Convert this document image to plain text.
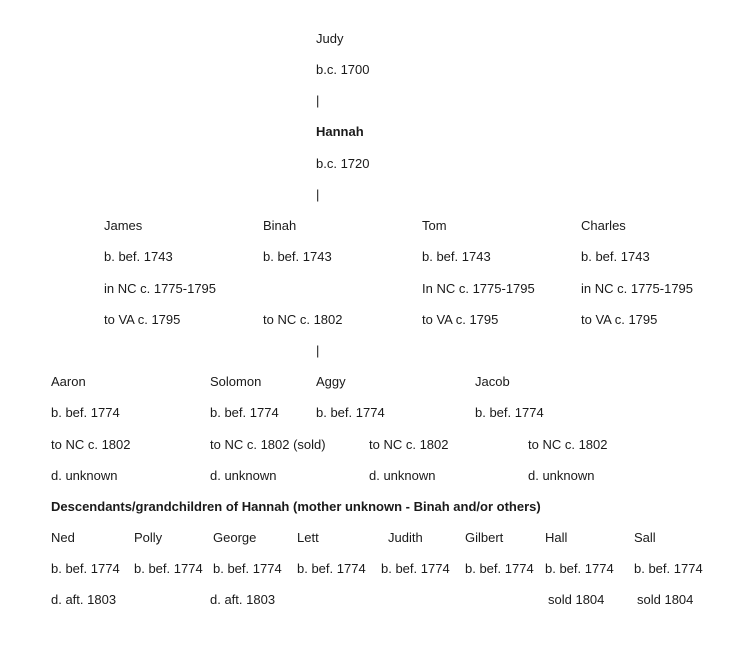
Judy
b.c. 1700
|
Hannah
b.c. 1720
|
James
b. bef. 1743
in NC c. 1775-1795
to VA c. 1795
Binah
b. bef. 1743
to NC c. 1802
Tom
b. bef. 1743
In NC c. 1775-1795
to VA c. 1795
Charles
b. bef. 1743
in NC c. 1775-1795
to VA c. 1795
|
Aaron
b. bef. 1774
to NC c. 1802
d. unknown
Solomon
b. bef. 1774
to NC c. 1802 (sold)
d. unknown
Aggy
b. bef. 1774
to NC c. 1802
d. unknown
Jacob
b. bef. 1774
to NC c. 1802
d. unknown
Descendants/grandchildren of Hannah (mother unknown - Binah and/or others)
Ned
b. bef. 1774
d. aft. 1803
Polly
b. bef. 1774
George
b. bef. 1774
d. aft. 1803
Lett
b. bef. 1774
Judith
b. bef. 1774
Gilbert
b. bef. 1774
Hall
b. bef. 1774
sold 1804
Sall
b. bef. 1774
sold 1804
